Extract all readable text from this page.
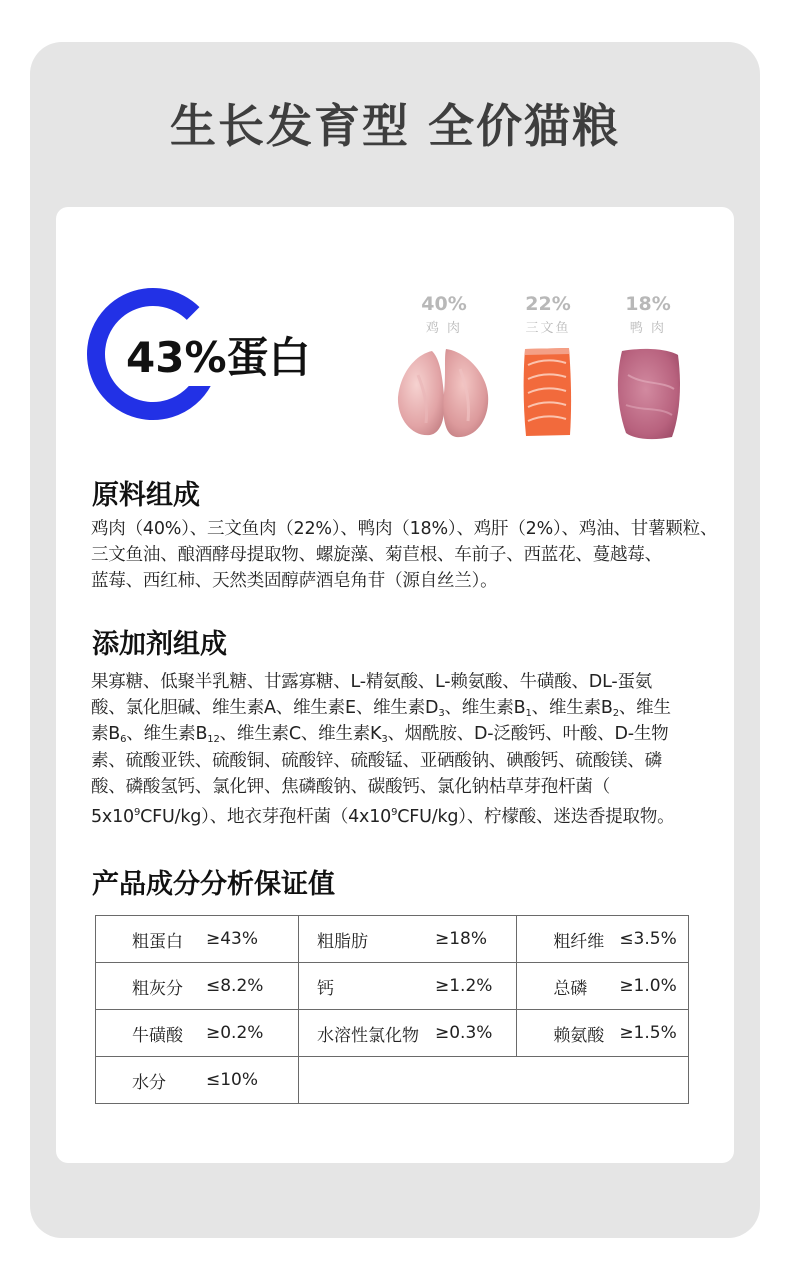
生长发育型 全价猫粮
43%蛋白
40%
鸡 肉
22%
三文鱼
18%
鸭 肉
原料组成

鸡肉（40%）、三文鱼肉（22%）、鸭肉（18%）、鸡肝（2%）、鸡油、甘薯颗粒、

三文鱼油、酿酒酵母提取物、螺旋藻、菊苣根、车前子、西蓝花、蔓越莓、

蓝莓、西红柿、天然类固醇萨酒皂角苷（源自丝兰）。

添加剂组成

果寡糖、低聚半乳糖、甘露寡糖、L-精氨酸、L-赖氨酸、牛磺酸、DL-蛋氨

酸、氯化胆碱、维生素A、维生素E、维生素$D_3$、维生素$B_1$、维生素$B_2$、维生

素$B_6$、维生素$B_{12}$、维生素C、维生素$K_3$、烟酰胺、D-泛酸钙、叶酸、D-生物

素、硫酸亚铁、硫酸铜、硫酸锌、硫酸锰、亚硒酸钠、碘酸钙、硫酸镁、磷

酸、磷酸氢钙、氯化钾、焦磷酸钠、碳酸钙、氯化钠枯草芽孢杆菌（

$5x10^9CFU/kg$）、地衣芽孢杆菌$(4x10^9CFU/kg)$、柠檬酸、迷迭香提取物。

产品成分分析保证值
粗蛋白 ≥43%	粗脂肪 ≥18%	粗纤维 ≤3.5%

粗灰分 ≤8.2%	钙 ≥1.2%	总磷 ≥1.0%

牛磺酸 ≥0.2%	水溶性氯化物 ≥0.3%	赖氨酸 ≥1.5%

水分 ≤10%		
